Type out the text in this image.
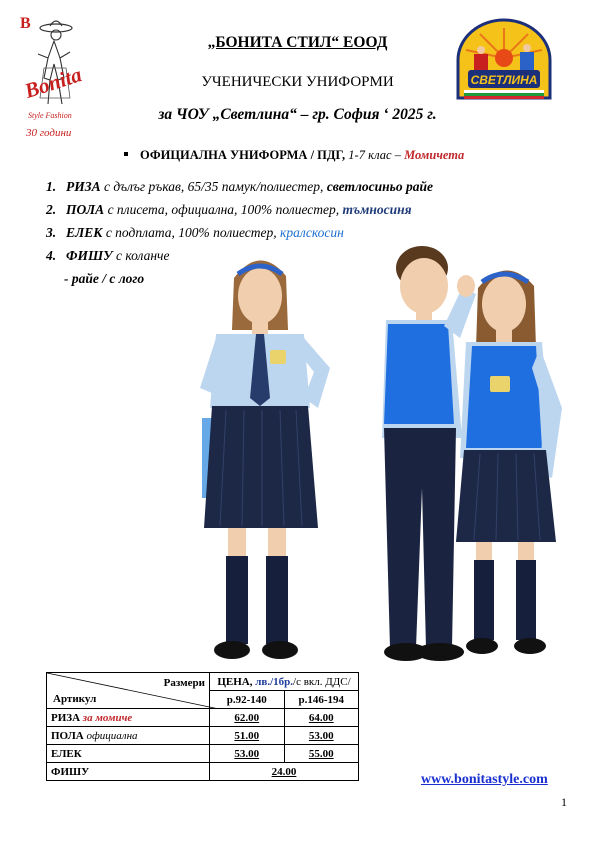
B
Bonita
Style Fashion
30 години
СВЕТЛИНА
„БОНИТА СТИЛ“ ЕООД
УЧЕНИЧЕСКИ УНИФОРМИ
за ЧОУ „Светлина“ – гр. София ‘ 2025 г.
ОФИЦИАЛНА УНИФОРМА / ПДГ, 1-7 клас – Момичета
1. РИЗА с дълъг ръкав, 65/35 памук/полиестер, светлосиньо райе
2. ПОЛА с плисета, официална, 100% полиестер, тъмносиня
3. ЕЛЕК с подплата, 100% полиестер, кралскосин
4. ФИШУ с коланче
- райе / с лого
Размери
Артикул	ЦЕНА, лв./1бр./с вкл. ДДС/	
	р.92-140	р.146-194
РИЗА за момиче	62.00	64.00
ПОЛА официална	51.00	53.00
ЕЛЕК	53.00	55.00
ФИШУ	24.00	
www.bonitastyle.com
1
